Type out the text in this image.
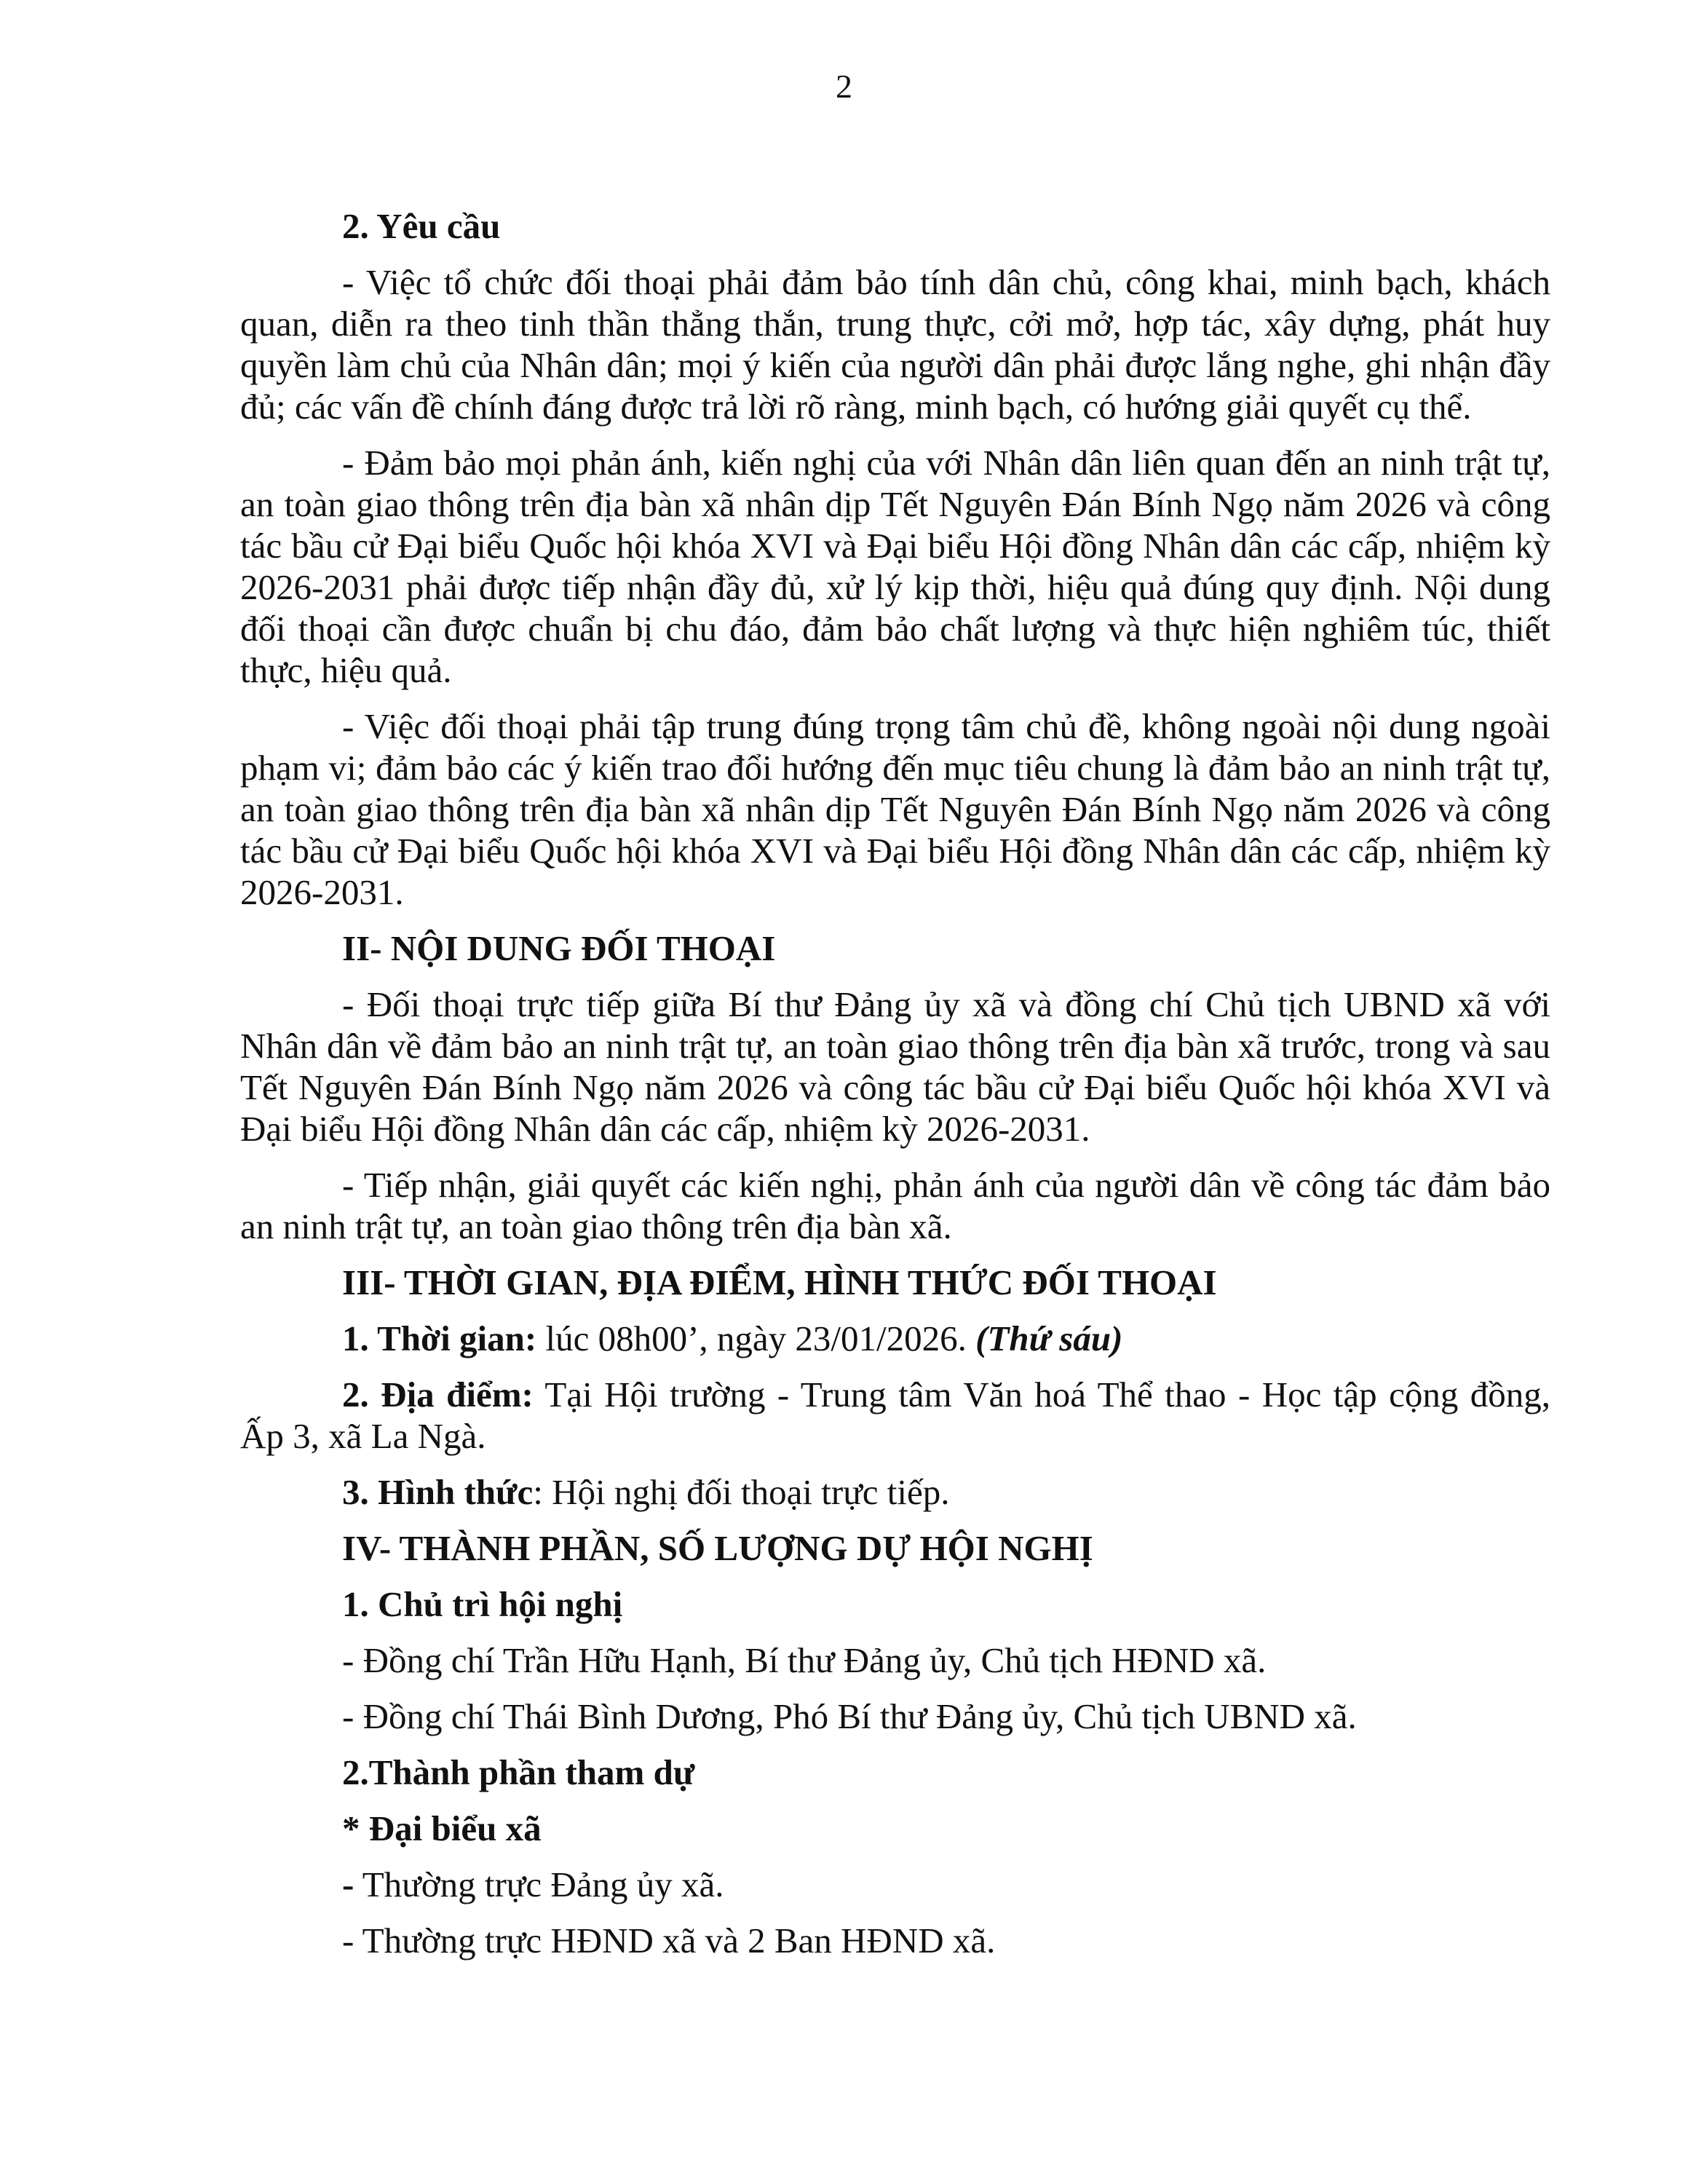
2

2. Yêu cầu

- Việc tổ chức đối thoại phải đảm bảo tính dân chủ, công khai, minh bạch, khách quan, diễn ra theo tinh thần thẳng thắn, trung thực, cởi mở, hợp tác, xây dựng, phát huy quyền làm chủ của Nhân dân; mọi ý kiến của người dân phải được lắng nghe, ghi nhận đầy đủ; các vấn đề chính đáng được trả lời rõ ràng, minh bạch, có hướng giải quyết cụ thể.

- Đảm bảo mọi phản ánh, kiến nghị của với Nhân dân liên quan đến an ninh trật tự, an toàn giao thông trên địa bàn xã nhân dịp Tết Nguyên Đán Bính Ngọ năm 2026 và công tác bầu cử Đại biểu Quốc hội khóa XVI và Đại biểu Hội đồng Nhân dân các cấp, nhiệm kỳ 2026-2031 phải được tiếp nhận đầy đủ, xử lý kịp thời, hiệu quả đúng quy định. Nội dung đối thoại cần được chuẩn bị chu đáo, đảm bảo chất lượng và thực hiện nghiêm túc, thiết thực, hiệu quả.

- Việc đối thoại phải tập trung đúng trọng tâm chủ đề, không ngoài nội dung ngoài phạm vi; đảm bảo các ý kiến trao đổi hướng đến mục tiêu chung là đảm bảo an ninh trật tự, an toàn giao thông trên địa bàn xã nhân dịp Tết Nguyên Đán Bính Ngọ năm 2026 và công tác bầu cử Đại biểu Quốc hội khóa XVI và Đại biểu Hội đồng Nhân dân các cấp, nhiệm kỳ 2026-2031.

II- NỘI DUNG ĐỐI THOẠI

- Đối thoại trực tiếp giữa Bí thư Đảng ủy xã và đồng chí Chủ tịch UBND xã với Nhân dân về đảm bảo an ninh trật tự, an toàn giao thông trên địa bàn xã trước, trong và sau Tết Nguyên Đán Bính Ngọ năm 2026 và công tác bầu cử Đại biểu Quốc hội khóa XVI và Đại biểu Hội đồng Nhân dân các cấp, nhiệm kỳ 2026-2031.

- Tiếp nhận, giải quyết các kiến nghị, phản ánh của người dân về công tác đảm bảo an ninh trật tự, an toàn giao thông trên địa bàn xã.

III- THỜI GIAN, ĐỊA ĐIỂM, HÌNH THỨC ĐỐI THOẠI

1. Thời gian: lúc 08h00’, ngày 23/01/2026. (Thứ sáu)

2. Địa điểm: Tại Hội trường - Trung tâm Văn hoá Thể thao - Học tập cộng đồng, Ấp 3, xã La Ngà.

3. Hình thức: Hội nghị đối thoại trực tiếp.

IV- THÀNH PHẦN, SỐ LƯỢNG DỰ HỘI NGHỊ

1. Chủ trì hội nghị

- Đồng chí Trần Hữu Hạnh, Bí thư Đảng ủy, Chủ tịch HĐND xã.

- Đồng chí Thái Bình Dương, Phó Bí thư Đảng ủy, Chủ tịch UBND xã.

2.Thành phần tham dự

* Đại biểu xã

- Thường trực Đảng ủy xã.

- Thường trực HĐND xã và 2 Ban HĐND xã.
